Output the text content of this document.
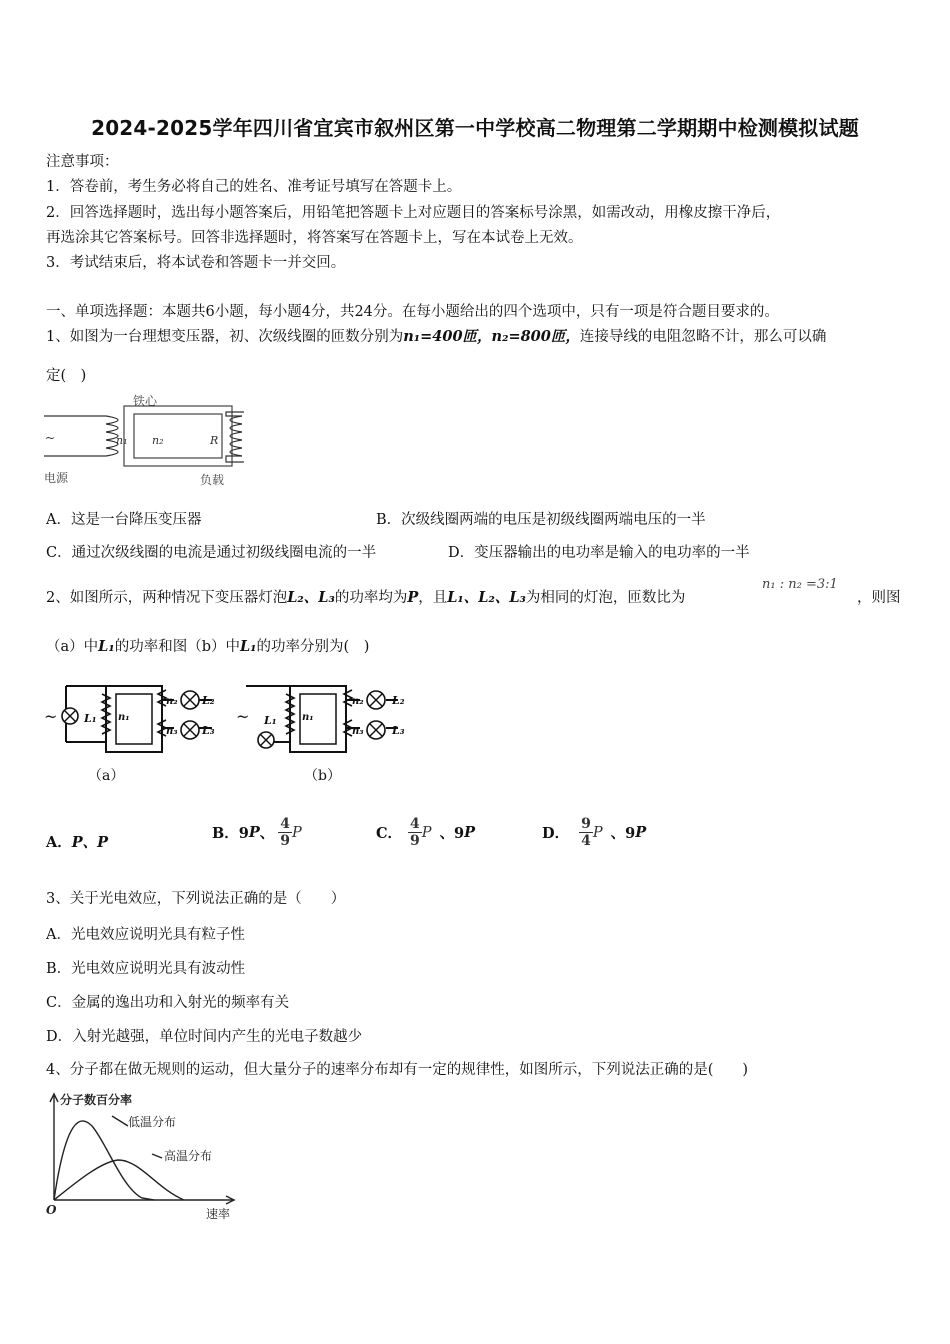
2024-2025学年四川省宜宾市叙州区第一中学校高二物理第二学期期中检测模拟试题
注意事项：
1．答卷前，考生务必将自己的姓名、准考证号填写在答题卡上。
2．回答选择题时，选出每小题答案后，用铅笔把答题卡上对应题目的答案标号涂黑，如需改动，用橡皮擦干净后，
再选涂其它答案标号。回答非选择题时，将答案写在答题卡上，写在本试卷上无效。
3．考试结束后，将本试卷和答题卡一并交回。
一、单项选择题：本题共6小题，每小题4分，共24分。在每小题给出的四个选项中，只有一项是符合题目要求的。
1、如图为一台理想变压器，初、次级线圈的匝数分别为n₁=400匝，n₂=800匝，连接导线的电阻忽略不计，那么可以确
定(　)
铁心
n₁ n₂	R
~
电源	负载
A．这是一台降压变压器	B．次级线圈两端的电压是初级线圈两端电压的一半
C．通过次级线圈的电流是通过初级线圈电流的一半	D．变压器输出的电功率是输入的电功率的一半
2、如图所示，两种情况下变压器灯泡L₂、L₃的功率均为P，且L₁、L₂、L₃为相同的灯泡，匝数比为
n₁ : n₂ =3:1
，则图
（a）中L₁的功率和图（b）中L₁的功率分别为(　)
~ L₁ n₁
n₂
n₃
L₂
L₃
（a）
~ L₁	n₁
n₂
n₃
L₂
L₃
（b）
A．P、P
B．9 P 、 $\frac{4}{9}$ P	C． $\frac{4}{9}$ P 、9 P	D． $\frac{9}{4}$ P 、9 P
3、关于光电效应，下列说法正确的是（　　）
A．光电效应说明光具有粒子性
B．光电效应说明光具有波动性
C．金属的逸出功和入射光的频率有关
D．入射光越强，单位时间内产生的光电子数越少
4、分子都在做无规则的运动，但大量分子的速率分布却有一定的规律性，如图所示，下列说法正确的是(　　)
分子数百分率
低温分布
高温分布
O	速率
